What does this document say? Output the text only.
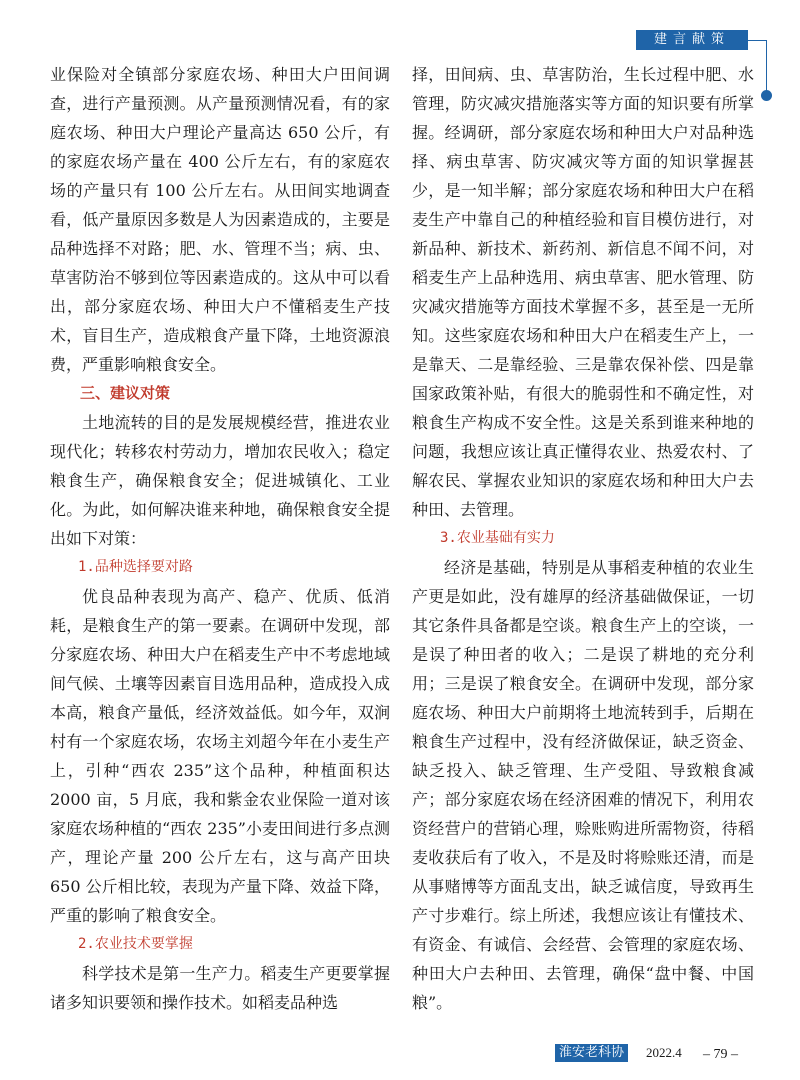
建言献策

业保险对全镇部分家庭农场、种田大户田间调查，进行产量预测。从产量预测情况看，有的家庭农场、种田大户理论产量高达 650 公斤，有的家庭农场产量在 400 公斤左右，有的家庭农场的产量只有 100 公斤左右。从田间实地调查看，低产量原因多数是人为因素造成的，主要是品种选择不对路；肥、水、管理不当；病、虫、草害防治不够到位等因素造成的。这从中可以看出，部分家庭农场、种田大户不懂稻麦生产技术，盲目生产，造成粮食产量下降，土地资源浪费，严重影响粮食安全。

三、建议对策

土地流转的目的是发展规模经营，推进农业现代化；转移农村劳动力，增加农民收入；稳定粮食生产，确保粮食安全；促进城镇化、工业化。为此，如何解决谁来种地，确保粮食安全提出如下对策：

1.品种选择要对路

优良品种表现为高产、稳产、优质、低消耗，是粮食生产的第一要素。在调研中发现，部分家庭农场、种田大户在稻麦生产中不考虑地域间气候、土壤等因素盲目选用品种，造成投入成本高，粮食产量低，经济效益低。如今年，双涧村有一个家庭农场，农场主刘超今年在小麦生产上，引种“西农 235”这个品种，种植面积达 2000 亩，5 月底，我和紫金农业保险一道对该家庭农场种植的“西农 235”小麦田间进行多点测产，理论产量 200 公斤左右，这与高产田块 650 公斤相比较，表现为产量下降、效益下降，严重的影响了粮食安全。

2.农业技术要掌握

科学技术是第一生产力。稻麦生产更要掌握诸多知识要领和操作技术。如稻麦品种选

择，田间病、虫、草害防治，生长过程中肥、水管理，防灾减灾措施落实等方面的知识要有所掌握。经调研，部分家庭农场和种田大户对品种选择、病虫草害、防灾减灾等方面的知识掌握甚少，是一知半解；部分家庭农场和种田大户在稻麦生产中靠自己的种植经验和盲目模仿进行，对新品种、新技术、新药剂、新信息不闻不问，对稻麦生产上品种选用、病虫草害、肥水管理、防灾减灾措施等方面技术掌握不多，甚至是一无所知。这些家庭农场和种田大户在稻麦生产上，一是靠天、二是靠经验、三是靠农保补偿、四是靠国家政策补贴，有很大的脆弱性和不确定性，对粮食生产构成不安全性。这是关系到谁来种地的问题，我想应该让真正懂得农业、热爱农村、了解农民、掌握农业知识的家庭农场和种田大户去种田、去管理。

3.农业基础有实力

经济是基础，特别是从事稻麦种植的农业生产更是如此，没有雄厚的经济基础做保证，一切其它条件具备都是空谈。粮食生产上的空谈，一是误了种田者的收入；二是误了耕地的充分利用；三是误了粮食安全。在调研中发现，部分家庭农场、种田大户前期将土地流转到手，后期在粮食生产过程中，没有经济做保证，缺乏资金、缺乏投入、缺乏管理、生产受阻、导致粮食减产；部分家庭农场在经济困难的情况下，利用农资经营户的营销心理，赊账购进所需物资，待稻麦收获后有了收入，不是及时将赊账还清，而是从事赌博等方面乱支出，缺乏诚信度，导致再生产寸步难行。综上所述，我想应该让有懂技术、有资金、有诚信、会经营、会管理的家庭农场、种田大户去种田、去管理，确保“盘中餐、中国粮”。

淮安老科协	2022.4 – 79 –
